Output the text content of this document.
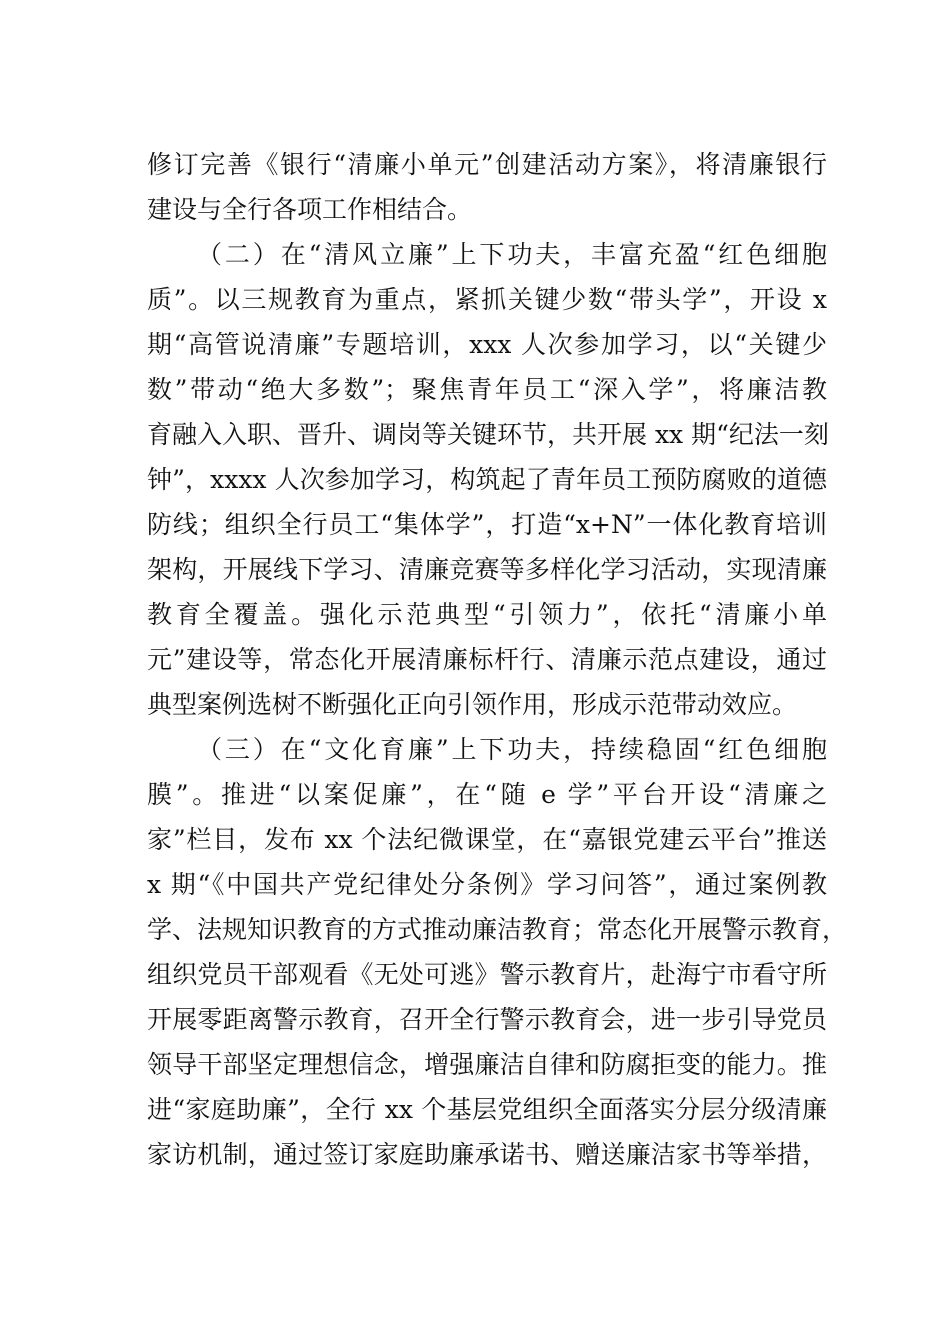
修订完善《银行“清廉小单元”创建活动方案》，将清廉银行
建设与全行各项工作相结合。
（二）在“清风立廉”上下功夫，丰富充盈“红色细胞
质”。以三规教育为重点，紧抓关键少数“带头学”，开设 x
期“高管说清廉”专题培训，xxx 人次参加学习，以“关键少
数”带动“绝大多数”；聚焦青年员工“深入学”，将廉洁教
育融入入职、晋升、调岗等关键环节，共开展 xx 期“纪法一刻
钟”，xxxx 人次参加学习，构筑起了青年员工预防腐败的道德
防线；组织全行员工“集体学”，打造“x+N”一体化教育培训
架构，开展线下学习、清廉竞赛等多样化学习活动，实现清廉
教育全覆盖。强化示范典型“引领力”，依托“清廉小单
元”建设等，常态化开展清廉标杆行、清廉示范点建设，通过
典型案例选树不断强化正向引领作用，形成示范带动效应。
（三）在“文化育廉”上下功夫，持续稳固“红色细胞
膜”。推进“以案促廉”，在“随 e 学”平台开设“清廉之
家”栏目，发布 xx 个法纪微课堂，在“嘉银党建云平台”推送
x 期“《中国共产党纪律处分条例》学习问答”，通过案例教
学、法规知识教育的方式推动廉洁教育；常态化开展警示教育，
组织党员干部观看《无处可逃》警示教育片，赴海宁市看守所
开展零距离警示教育，召开全行警示教育会，进一步引导党员
领导干部坚定理想信念，增强廉洁自律和防腐拒变的能力。推
进“家庭助廉”，全行 xx 个基层党组织全面落实分层分级清廉
家访机制，通过签订家庭助廉承诺书、赠送廉洁家书等举措，
